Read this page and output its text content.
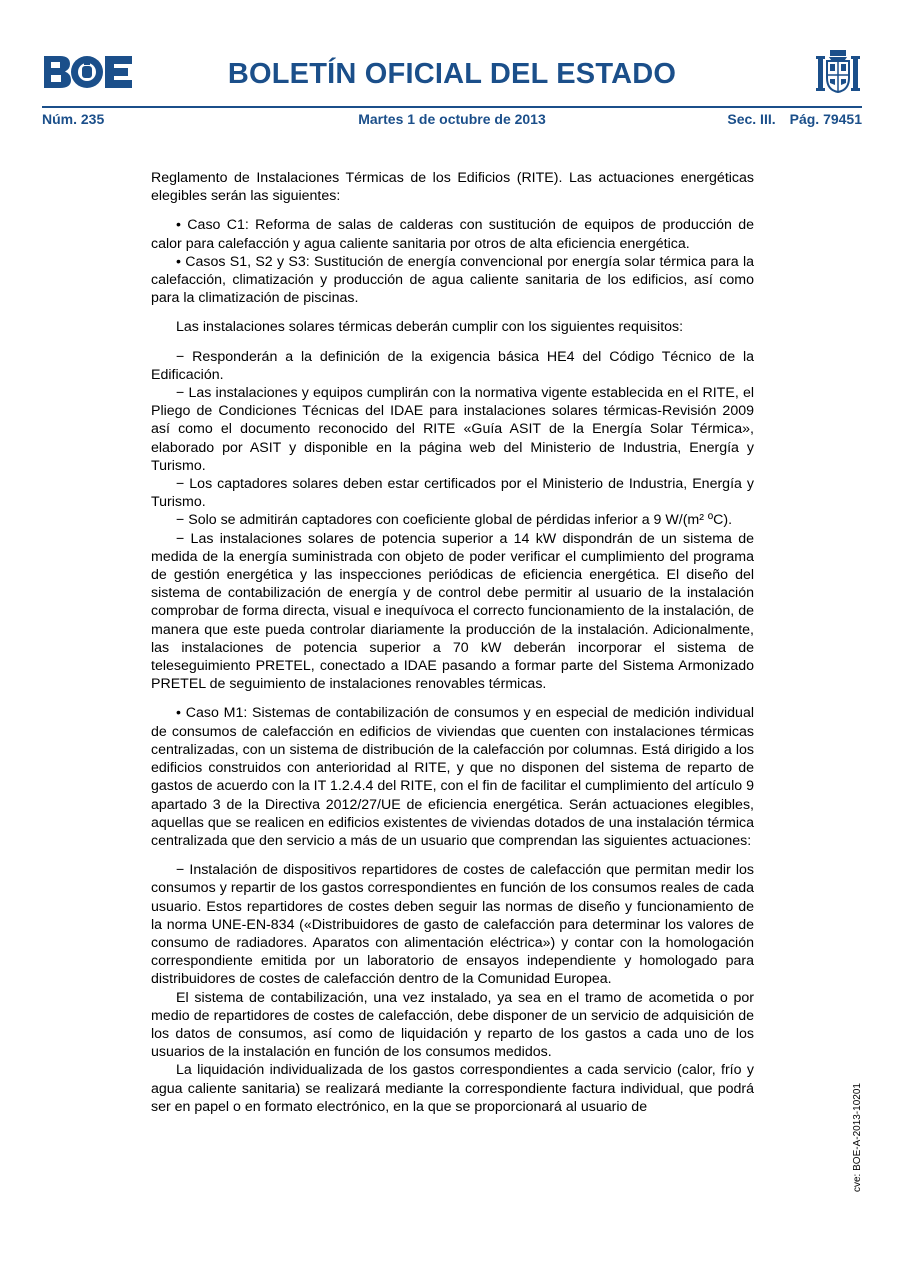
BOLETÍN OFICIAL DEL ESTADO
Núm. 235	Martes 1 de octubre de 2013	Sec. III. Pág. 79451

Reglamento de Instalaciones Térmicas de los Edificios (RITE). Las actuaciones energéticas elegibles serán las siguientes:

• Caso C1: Reforma de salas de calderas con sustitución de equipos de producción de calor para calefacción y agua caliente sanitaria por otros de alta eficiencia energética.

• Casos S1, S2 y S3: Sustitución de energía convencional por energía solar térmica para la calefacción, climatización y producción de agua caliente sanitaria de los edificios, así como para la climatización de piscinas.

Las instalaciones solares térmicas deberán cumplir con los siguientes requisitos:

− Responderán a la definición de la exigencia básica HE4 del Código Técnico de la Edificación.

− Las instalaciones y equipos cumplirán con la normativa vigente establecida en el RITE, el Pliego de Condiciones Técnicas del IDAE para instalaciones solares térmicas-Revisión 2009 así como el documento reconocido del RITE «Guía ASIT de la Energía Solar Térmica», elaborado por ASIT y disponible en la página web del Ministerio de Industria, Energía y Turismo.

− Los captadores solares deben estar certificados por el Ministerio de Industria, Energía y Turismo.

− Solo se admitirán captadores con coeficiente global de pérdidas inferior a 9 W/(m² ºC).

− Las instalaciones solares de potencia superior a 14 kW dispondrán de un sistema de medida de la energía suministrada con objeto de poder verificar el cumplimiento del programa de gestión energética y las inspecciones periódicas de eficiencia energética. El diseño del sistema de contabilización de energía y de control debe permitir al usuario de la instalación comprobar de forma directa, visual e inequívoca el correcto funcionamiento de la instalación, de manera que este pueda controlar diariamente la producción de la instalación. Adicionalmente, las instalaciones de potencia superior a 70 kW deberán incorporar el sistema de teleseguimiento PRETEL, conectado a IDAE pasando a formar parte del Sistema Armonizado PRETEL de seguimiento de instalaciones renovables térmicas.

• Caso M1: Sistemas de contabilización de consumos y en especial de medición individual de consumos de calefacción en edificios de viviendas que cuenten con instalaciones térmicas centralizadas, con un sistema de distribución de la calefacción por columnas. Está dirigido a los edificios construidos con anterioridad al RITE, y que no disponen del sistema de reparto de gastos de acuerdo con la IT 1.2.4.4 del RITE, con el fin de facilitar el cumplimiento del artículo 9 apartado 3 de la Directiva 2012/27/UE de eficiencia energética. Serán actuaciones elegibles, aquellas que se realicen en edificios existentes de viviendas dotados de una instalación térmica centralizada que den servicio a más de un usuario que comprendan las siguientes actuaciones:

− Instalación de dispositivos repartidores de costes de calefacción que permitan medir los consumos y repartir de los gastos correspondientes en función de los consumos reales de cada usuario. Estos repartidores de costes deben seguir las normas de diseño y funcionamiento de la norma UNE-EN-834 («Distribuidores de gasto de calefacción para determinar los valores de consumo de radiadores. Aparatos con alimentación eléctrica») y contar con la homologación correspondiente emitida por un laboratorio de ensayos independiente y homologado para distribuidores de costes de calefacción dentro de la Comunidad Europea.

El sistema de contabilización, una vez instalado, ya sea en el tramo de acometida o por medio de repartidores de costes de calefacción, debe disponer de un servicio de adquisición de los datos de consumos, así como de liquidación y reparto de los gastos a cada uno de los usuarios de la instalación en función de los consumos medidos.

La liquidación individualizada de los gastos correspondientes a cada servicio (calor, frío y agua caliente sanitaria) se realizará mediante la correspondiente factura individual, que podrá ser en papel o en formato electrónico, en la que se proporcionará al usuario de	cve: BOE-A-2013-10201
